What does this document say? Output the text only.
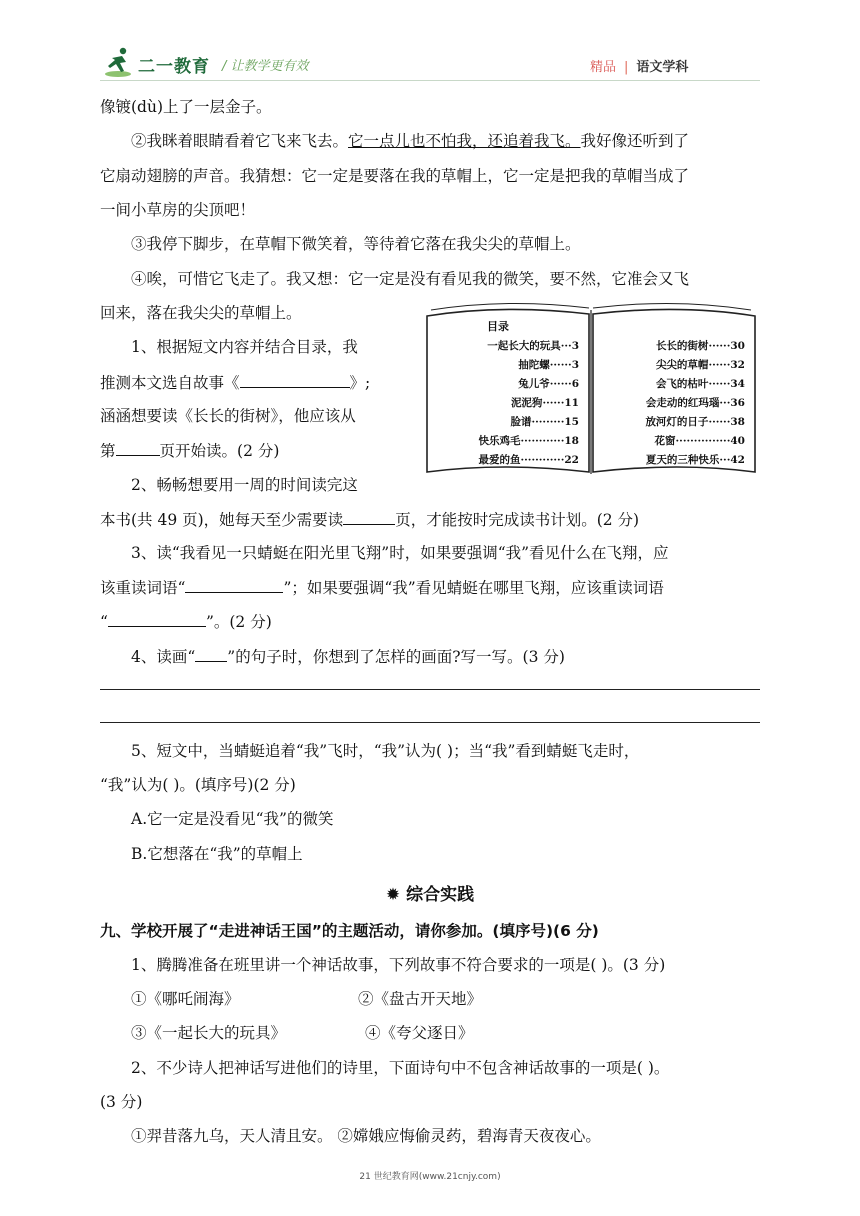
二一教育 / 让教学更有效	精品 | 语文学科
像镀(dù)上了一层金子。
②我眯着眼睛看着它飞来飞去。它一点儿也不怕我，还追着我飞。我好像还听到了
它扇动翅膀的声音。我猜想：它一定是要落在我的草帽上，它一定是把我的草帽当成了
一间小草房的尖顶吧！
③我停下脚步，在草帽下微笑着，等待着它落在我尖尖的草帽上。
④唉，可惜它飞走了。我又想：它一定是没有看见我的微笑，要不然，它准会又飞
回来，落在我尖尖的草帽上。
目录
一起长大的玩具···3
抽陀螺······3
兔儿爷······6
泥泥狗······11
脸谱·········15
快乐鸡毛············18
最爱的鱼············22
长长的街树······30
尖尖的草帽······32
会飞的枯叶······34
会走动的红玛瑙···36
放河灯的日子······38
花窗···············40
夏天的三种快乐···42
1、根据短文内容并结合目录，我
推测本文选自故事《	》;
涵涵想要读《长长的街树》，他应该从
第	页开始读。(2 分)
2、畅畅想要用一周的时间读完这
本书(共 49 页)，她每天至少需要读	页，才能按时完成读书计划。(2 分)
3、读“我看见一只蜻蜓在阳光里飞翔”时，如果要强调“我”看见什么在飞翔，应
该重读词语“	”；如果要强调“我”看见蜻蜓在哪里飞翔，应该重读词语
“	”。(2 分)
4、读画“ ”的句子时，你想到了怎样的画面?写一写。(3 分)
5、短文中，当蜻蜓追着“我”飞时，“我”认为( )；当“我”看到蜻蜓飞走时，
“我”认为( )。(填序号)(2 分)
A.它一定是没看见“我”的微笑
B.它想落在“我”的草帽上
✹ 综合实践
九、学校开展了“走进神话王国”的主题活动，请你参加。(填序号)(6 分)
1、腾腾准备在班里讲一个神话故事，下列故事不符合要求的一项是( )。(3 分)
①《哪吒闹海》	②《盘古开天地》
③《一起长大的玩具》	④《夸父逐日》
2、不少诗人把神话写进他们的诗里，下面诗句中不包含神话故事的一项是( )。
(3 分)
①羿昔落九乌，天人清且安。 ②嫦娥应悔偷灵药，碧海青天夜夜心。
21 世纪教育网(www.21cnjy.com)
